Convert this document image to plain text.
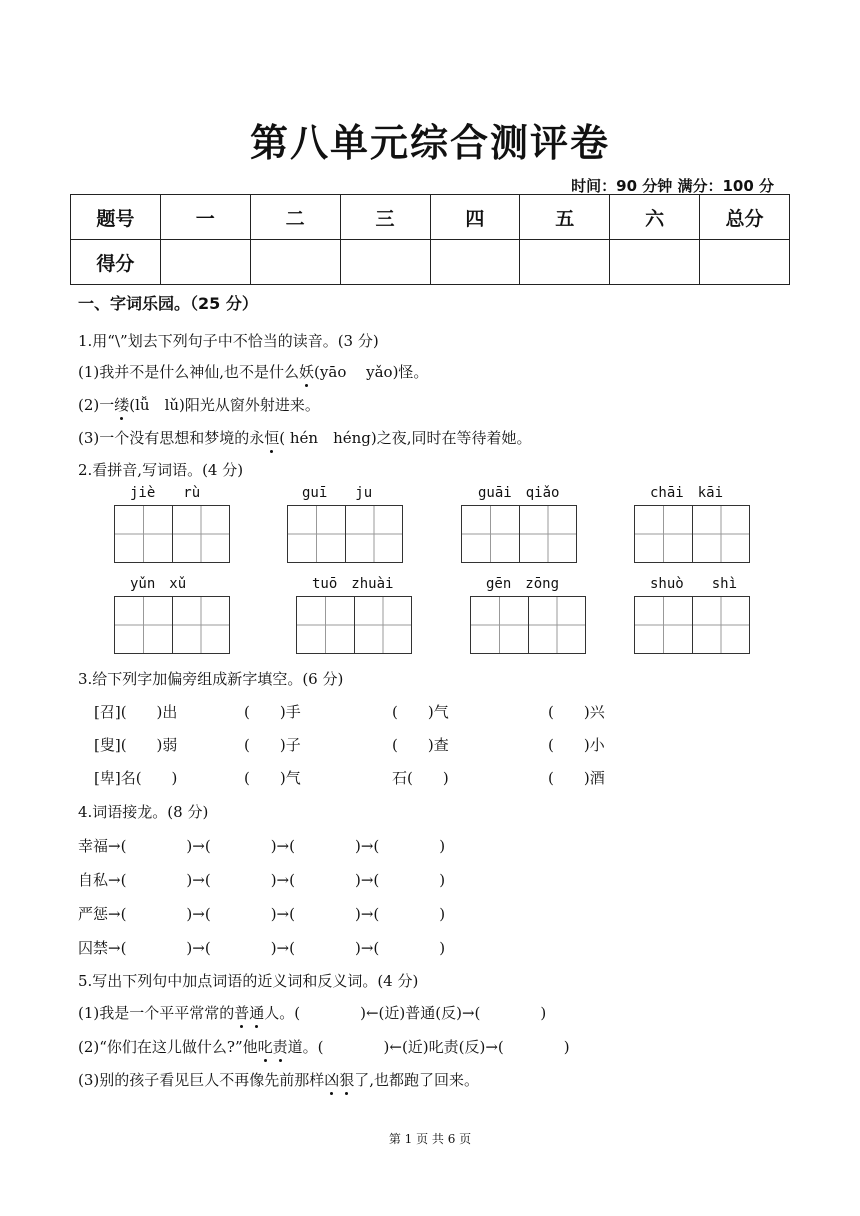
第八单元综合测评卷
时间：90 分钟 满分：100 分
题号	一	二	三	四	五	六	总分
得分							
一、字词乐园。（25 分）
1.用“\”划去下列句子中不恰当的读音。(3 分)
(1)我并不是什么神仙,也不是什么妖(yāo　 yǎo)怪。
(2)一缕(lǚ　lǔ)阳光从窗外射进来。
(3)一个没有思想和梦境的永恒( hén　héng)之夜,同时在等待着她。
2.看拼音,写词语。(4 分)
jiè　　rù	guī　　ju	guāi　qiǎo	chāi　kāi
yǔn　xǔ	tuō　zhuài	gēn　zōng	shuò　　shì
3.给下列字加偏旁组成新字填空。(6 分)
[召](　　)出	(　　)手	(　　)气	(　　)兴
[叟](　　)弱	(　　)子	(　　)查	(　　)小
[卑]名(　　)	(　　)气	石(　　)	(　　)酒
4.词语接龙。(8 分)
幸福→(　　　　)→(　　　　)→(　　　　)→(　　　　)
自私→(　　　　)→(　　　　)→(　　　　)→(　　　　)
严惩→(　　　　)→(　　　　)→(　　　　)→(　　　　)
囚禁→(　　　　)→(　　　　)→(　　　　)→(　　　　)
5.写出下列句中加点词语的近义词和反义词。(4 分)
(1)我是一个平平常常的普通人。(　　　　)←(近)普通(反)→(　　　　)
(2)“你们在这儿做什么?”他叱责道。(　　　　)←(近)叱责(反)→(　　　　)
(3)别的孩子看见巨人不再像先前那样凶狠了,也都跑了回来。
第 1 页 共 6 页
